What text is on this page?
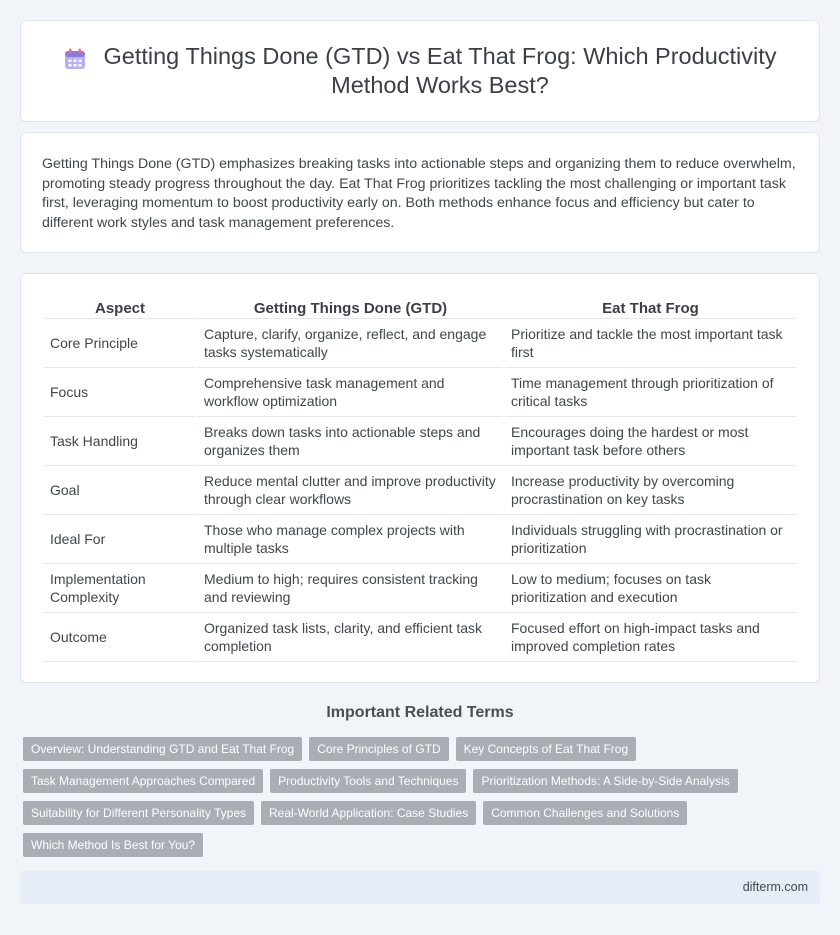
Getting Things Done (GTD) vs Eat That Frog: Which Productivity Method Works Best?

Getting Things Done (GTD) emphasizes breaking tasks into actionable steps and organizing them to reduce overwhelm, promoting steady progress throughout the day. Eat That Frog prioritizes tackling the most challenging or important task first, leveraging momentum to boost productivity early on. Both methods enhance focus and efficiency but cater to different work styles and task management preferences.

Aspect	Getting Things Done (GTD)	Eat That Frog
Core Principle	Capture, clarify, organize, reflect, and engage tasks systematically	Prioritize and tackle the most important task first
Focus	Comprehensive task management and workflow optimization	Time management through prioritization of critical tasks
Task Handling	Breaks down tasks into actionable steps and organizes them	Encourages doing the hardest or most important task before others
Goal	Reduce mental clutter and improve productivity through clear workflows	Increase productivity by overcoming procrastination on key tasks
Ideal For	Those who manage complex projects with multiple tasks	Individuals struggling with procrastination or prioritization
Implementation Complexity	Medium to high; requires consistent tracking and reviewing	Low to medium; focuses on task prioritization and execution
Outcome	Organized task lists, clarity, and efficient task completion	Focused effort on high-impact tasks and improved completion rates
Important Related Terms
Overview: Understanding GTD and Eat That Frog	Core Principles of GTD	Key Concepts of Eat That Frog
Task Management Approaches Compared	Productivity Tools and Techniques	Prioritization Methods: A Side-by-Side Analysis
Suitability for Different Personality Types	Real-World Application: Case Studies	Common Challenges and Solutions
Which Method Is Best for You?
difterm.com
